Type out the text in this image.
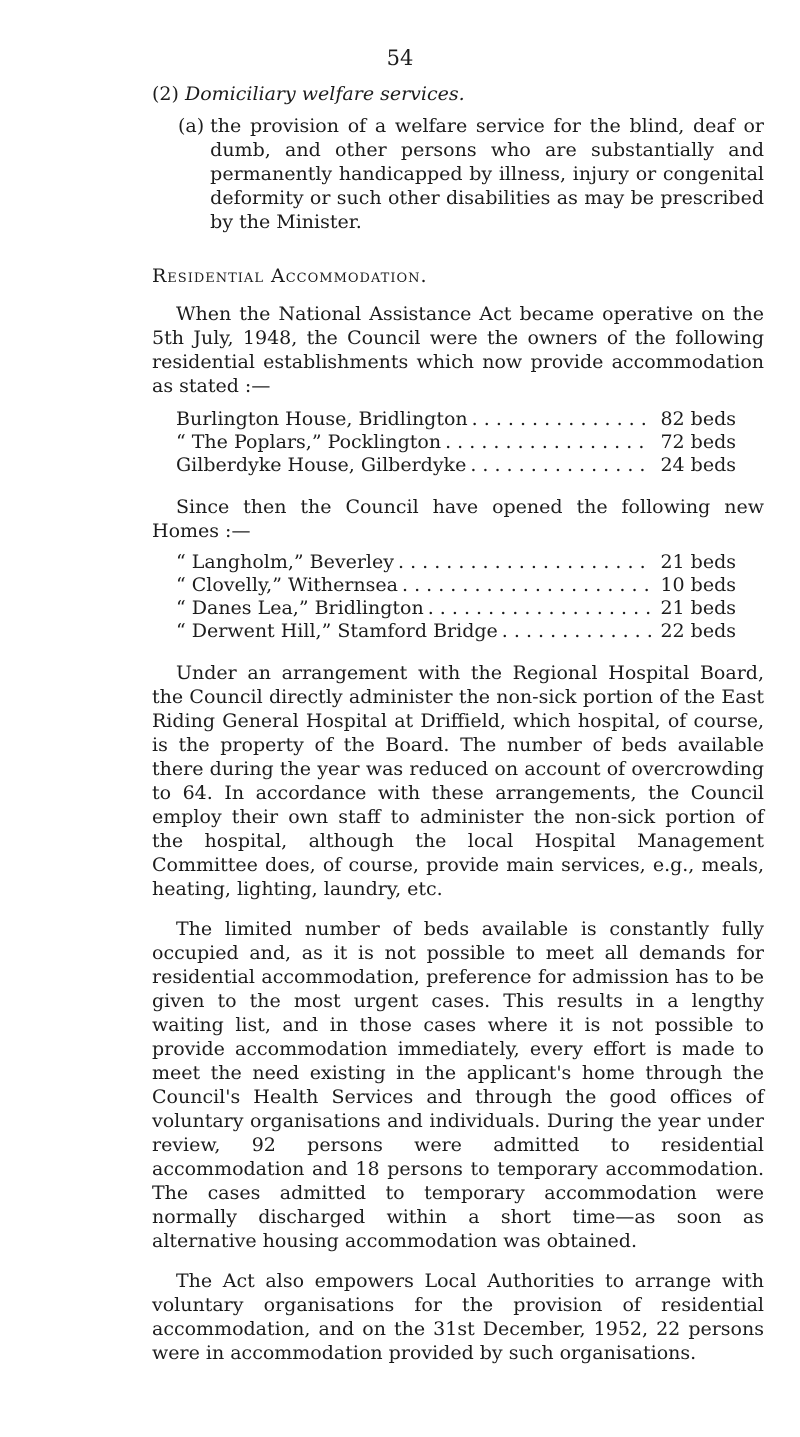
54
(2) Domiciliary welfare services.
(a) the provision of a welfare service for the blind, deaf or dumb, and other persons who are substantially and permanently handicapped by illness, injury or congenital deformity or such other disabilities as may be prescribed by the Minister.
Residential Accommodation.

When the National Assistance Act became operative on the 5th July, 1948, the Council were the owners of the following residential establishments which now provide accommodation as stated :—

Burlington House, Bridlington . . .	82 beds
“ The Poplars,” Pocklington . . .	72 beds
Gilberdyke House, Gilberdyke . . .	24 beds

Since then the Council have opened the following new Homes :—

“ Langholm,” Beverley . . .	21 beds
“ Clovelly,” Withernsea . . .	10 beds
“ Danes Lea,” Bridlington . . .	21 beds
“ Derwent Hill,” Stamford Bridge . . .	22 beds

Under an arrangement with the Regional Hospital Board, the Council directly administer the non-sick portion of the East Riding General Hospital at Driffield, which hospital, of course, is the property of the Board. The number of beds available there during the year was reduced on account of overcrowding to 64. In accordance with these arrangements, the Council employ their own staff to administer the non-sick portion of the hospital, although the local Hospital Management Committee does, of course, provide main services, e.g., meals, heating, lighting, laundry, etc.

The limited number of beds available is constantly fully occupied and, as it is not possible to meet all demands for residential accommodation, preference for admission has to be given to the most urgent cases. This results in a lengthy waiting list, and in those cases where it is not possible to provide accommodation immediately, every effort is made to meet the need existing in the applicant's home through the Council's Health Services and through the good offices of voluntary organisations and individuals. During the year under review, 92 persons were admitted to residential accommodation and 18 persons to temporary accommodation. The cases admitted to temporary accommodation were normally discharged within a short time—as soon as alternative housing accommodation was obtained.

The Act also empowers Local Authorities to arrange with voluntary organisations for the provision of residential accommodation, and on the 31st December, 1952, 22 persons were in accommodation provided by such organisations.
